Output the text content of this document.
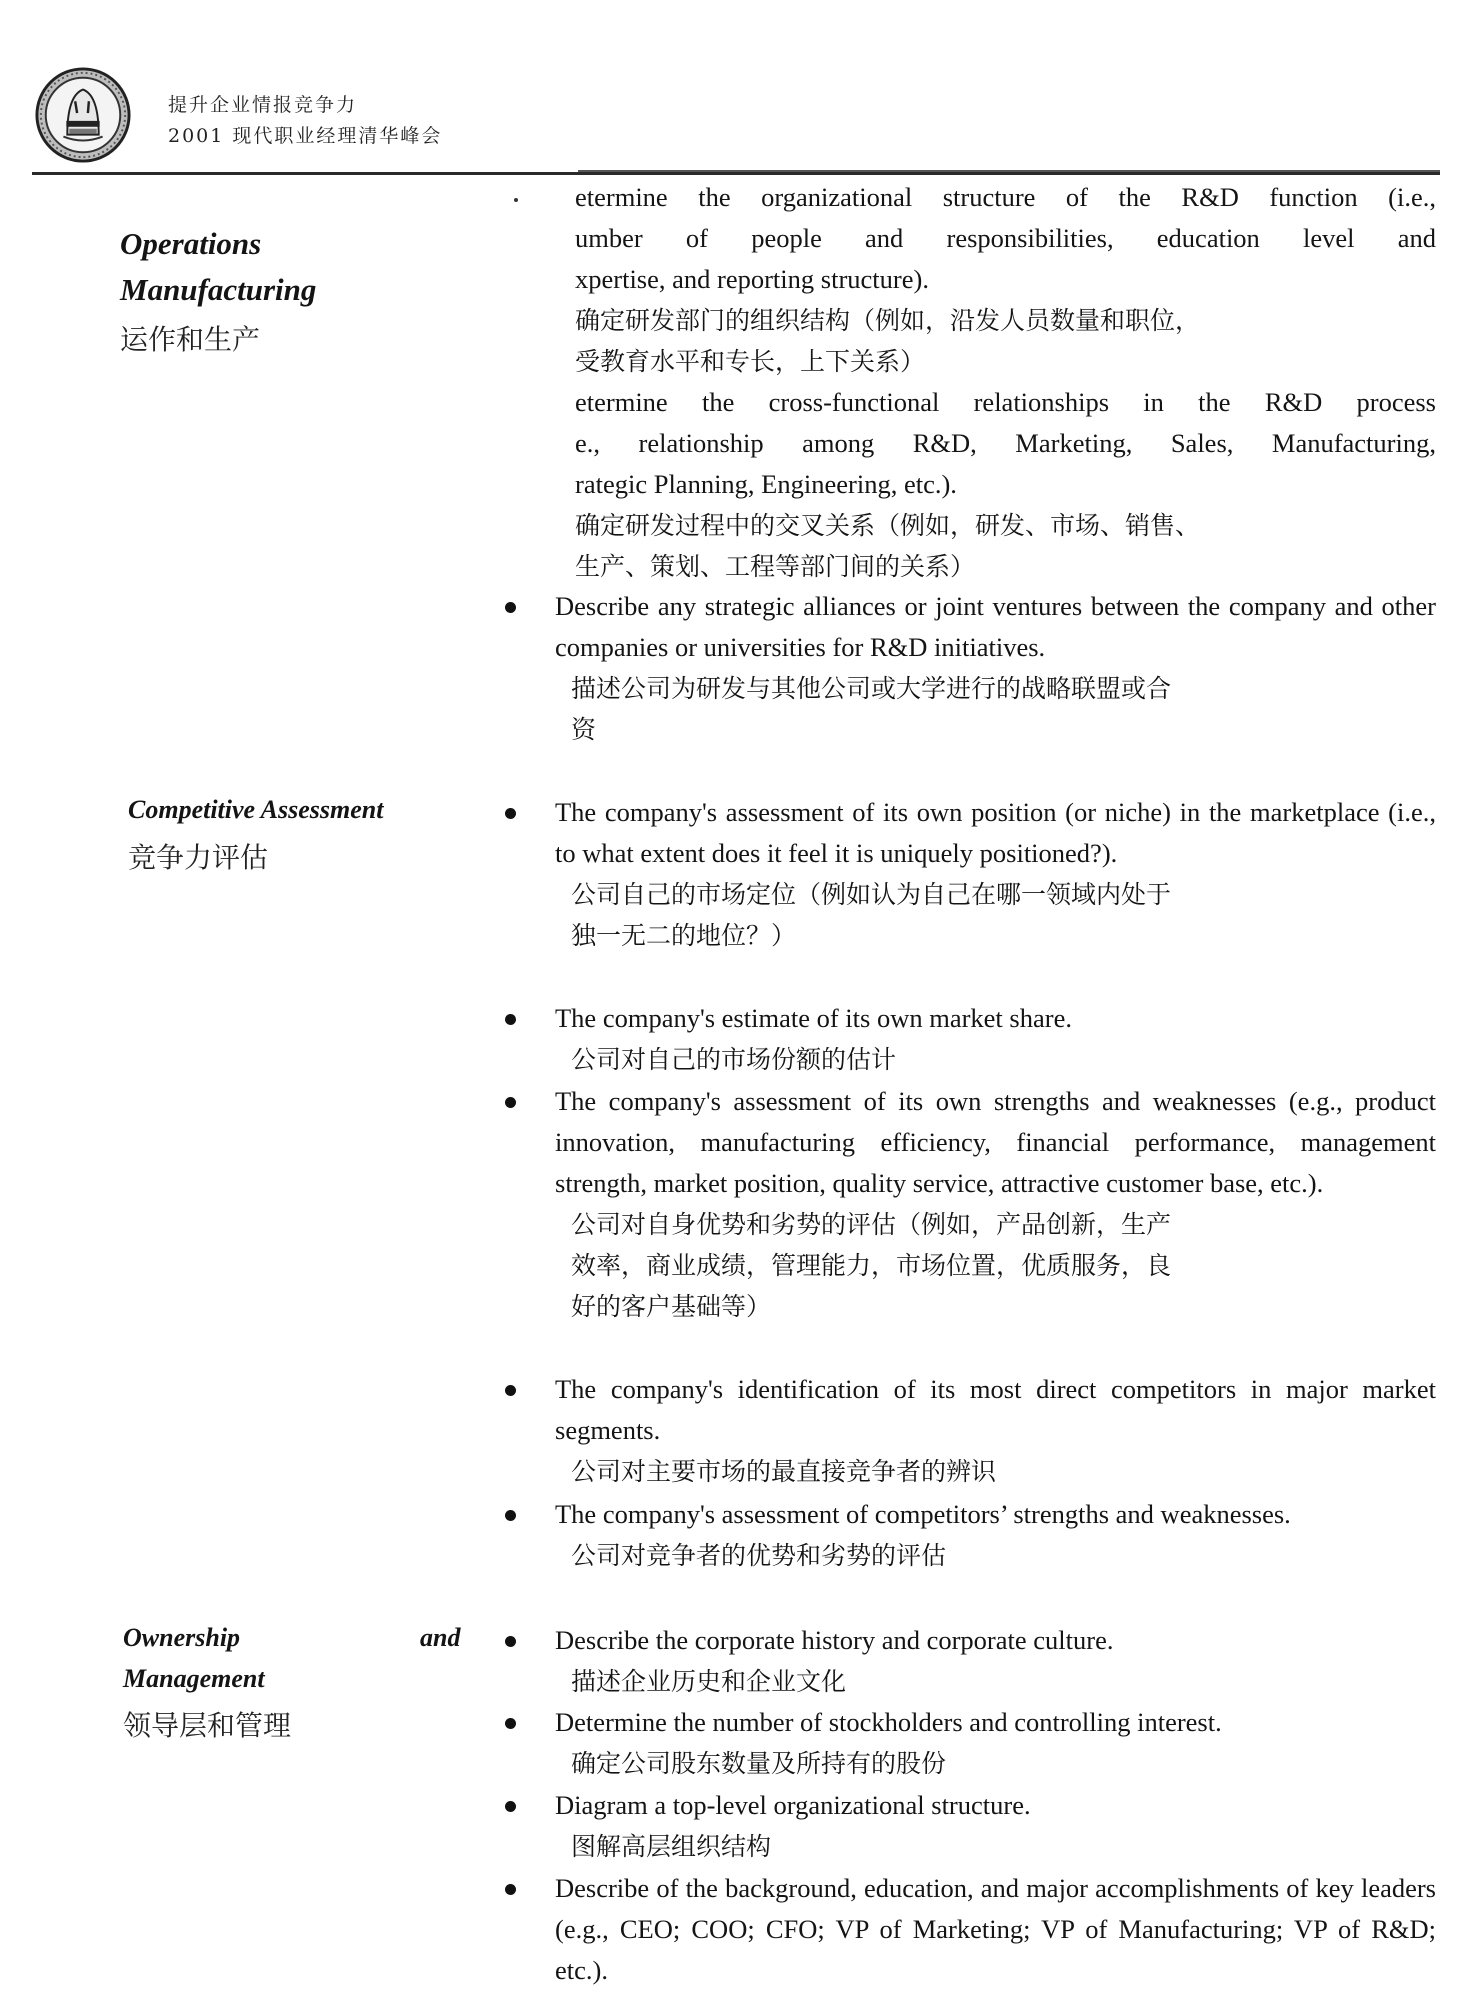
提升企业情报竞争力
2001 现代职业经理清华峰会
Operations
Manufacturing
运作和生产
etermine the organizational structure of the R&D function (i.e.,
umber of people and responsibilities, education level and
xpertise, and reporting structure).
确定研发部门的组织结构（例如，沿发人员数量和职位，
受教育水平和专长，上下关系）
etermine the cross-functional relationships in the R&D process
e., relationship among R&D, Marketing, Sales, Manufacturing,
rategic Planning, Engineering, etc.).
确定研发过程中的交叉关系（例如，研发、市场、销售、
生产、策划、工程等部门间的关系）
Describe any strategic alliances or joint ventures between the company and other companies or universities for R&D initiatives.
描述公司为研发与其他公司或大学进行的战略联盟或合
资
Competitive Assessment
竞争力评估
The company's assessment of its own position (or niche) in the marketplace (i.e., to what extent does it feel it is uniquely positioned?).
公司自己的市场定位（例如认为自己在哪一领域内处于
独一无二的地位？）
The company's estimate of its own market share.
公司对自己的市场份额的估计
The company's assessment of its own strengths and weaknesses (e.g., product innovation, manufacturing efficiency, financial performance, management strength, market position, quality service, attractive customer base, etc.).
公司对自身优势和劣势的评估（例如，产品创新，生产
效率，商业成绩，管理能力，市场位置，优质服务，良
好的客户基础等）
The company's identification of its most direct competitors in major market segments.
公司对主要市场的最直接竞争者的辨识
The company's assessment of competitors’ strengths and weaknesses.
公司对竞争者的优势和劣势的评估
Ownership	and
Management
领导层和管理
Describe the corporate history and corporate culture.
描述企业历史和企业文化
Determine the number of stockholders and controlling interest.
确定公司股东数量及所持有的股份
Diagram a top-level organizational structure.
图解高层组织结构
Describe of the background, education, and major accomplishments of key leaders (e.g., CEO; COO; CFO; VP of Marketing; VP of Manufacturing; VP of R&D; etc.).
